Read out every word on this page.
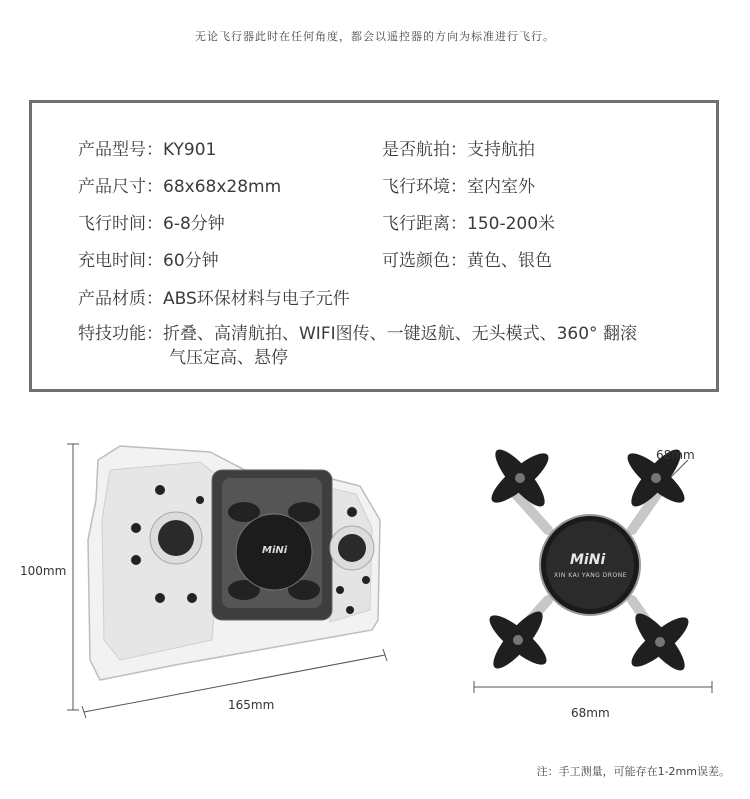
无论飞行器此时在任何角度，都会以遥控器的方向为标准进行飞行。
产品型号：KY901	是否航拍：支持航拍
产品尺寸：68x68x28mm	飞行环境：室内室外
飞行时间：6-8分钟	飞行距离：150-200米
充电时间：60分钟	可选颜色：黄色、银色
产品材质：ABS环保材料与电子元件
特技功能：折叠、高清航拍、WIFI图传、一键返航、无头模式、360° 翻滚
气压定高、悬停
MiNi
MiNi
XIN KAI YANG DRONE
100mm
165mm
68mm
68mm
注：手工测量，可能存在1-2mm误差。
